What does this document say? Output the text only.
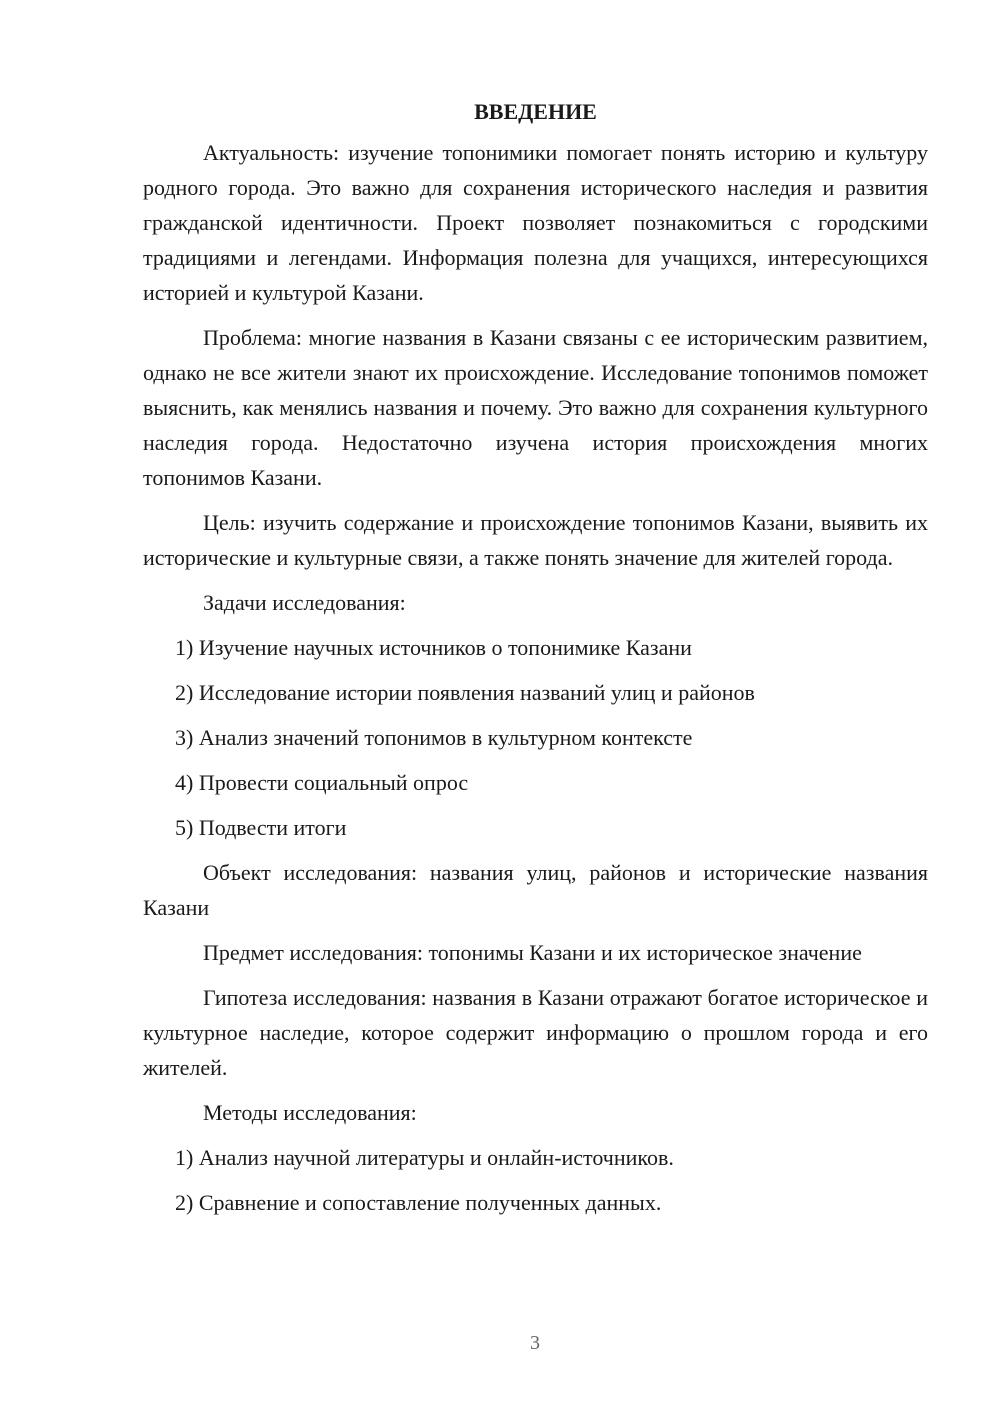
ВВЕДЕНИЕ
Актуальность: изучение топонимики помогает понять историю и культуру родного города. Это важно для сохранения исторического наследия и развития гражданской идентичности. Проект позволяет познакомиться с городскими традициями и легендами. Информация полезна для учащихся, интересующихся историей и культурой Казани.
Проблема: многие названия в Казани связаны с ее историческим развитием, однако не все жители знают их происхождение. Исследование топонимов поможет выяснить, как менялись названия и почему. Это важно для сохранения культурного наследия города. Недостаточно изучена история происхождения многих топонимов Казани.
Цель: изучить содержание и происхождение топонимов Казани, выявить их исторические и культурные связи, а также понять значение для жителей города.
Задачи исследования:
1) Изучение научных источников о топонимике Казани
2) Исследование истории появления названий улиц и районов
3) Анализ значений топонимов в культурном контексте
4) Провести социальный опрос
5) Подвести итоги
Объект исследования: названия улиц, районов и исторические названия Казани
Предмет исследования: топонимы Казани и их историческое значение
Гипотеза исследования: названия в Казани отражают богатое историческое и культурное наследие, которое содержит информацию о прошлом города и его жителей.
Методы исследования:
1) Анализ научной литературы и онлайн-источников.
2) Сравнение и сопоставление полученных данных.
3
